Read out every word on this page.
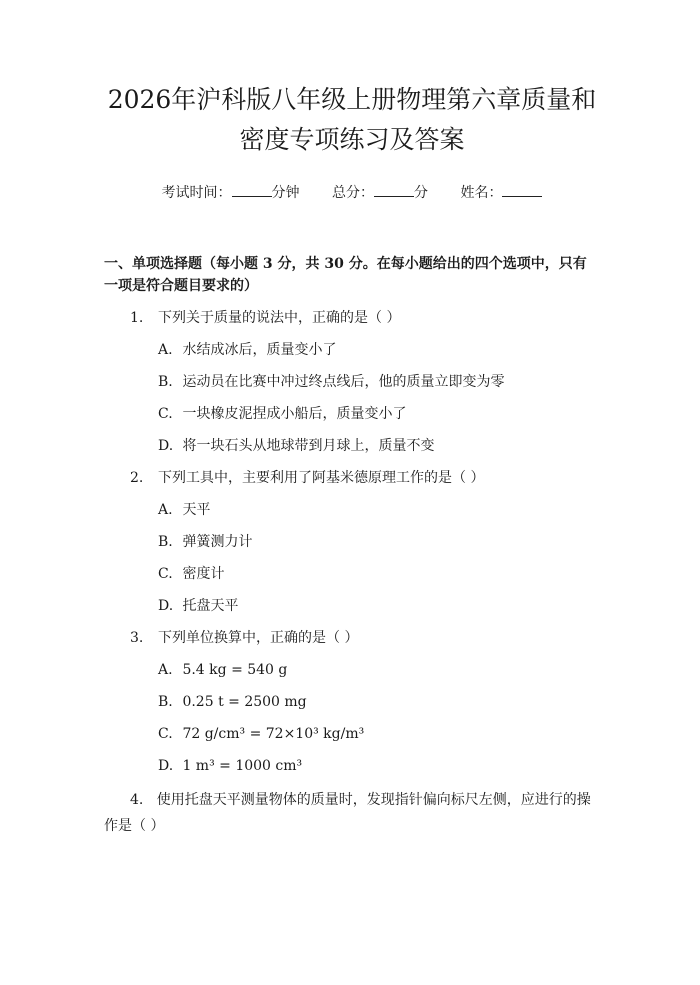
2026年沪科版八年级上册物理第六章质量和密度专项练习及答案
考试时间：	分钟 总分：	分 姓名：
一、单项选择题（每小题 3 分，共 30 分。在每小题给出的四个选项中，只有一项是符合题目要求的）
1.	下列关于质量的说法中，正确的是（ ）
A. 水结成冰后，质量变小了
B. 运动员在比赛中冲过终点线后，他的质量立即变为零
C. 一块橡皮泥捏成小船后，质量变小了
D. 将一块石头从地球带到月球上，质量不变
2.	下列工具中，主要利用了阿基米德原理工作的是（ ）
A. 天平
B. 弹簧测力计
C. 密度计
D. 托盘天平
3.	下列单位换算中，正确的是（ ）
A. 5.4 kg = 540 g
B. 0.25 t = 2500 mg
C. 72 g/cm³ = 72×10³ kg/m³
D. 1 m³ = 1000 cm³
4. 使用托盘天平测量物体的质量时，发现指针偏向标尺左侧，应进行的操作是（ ）
